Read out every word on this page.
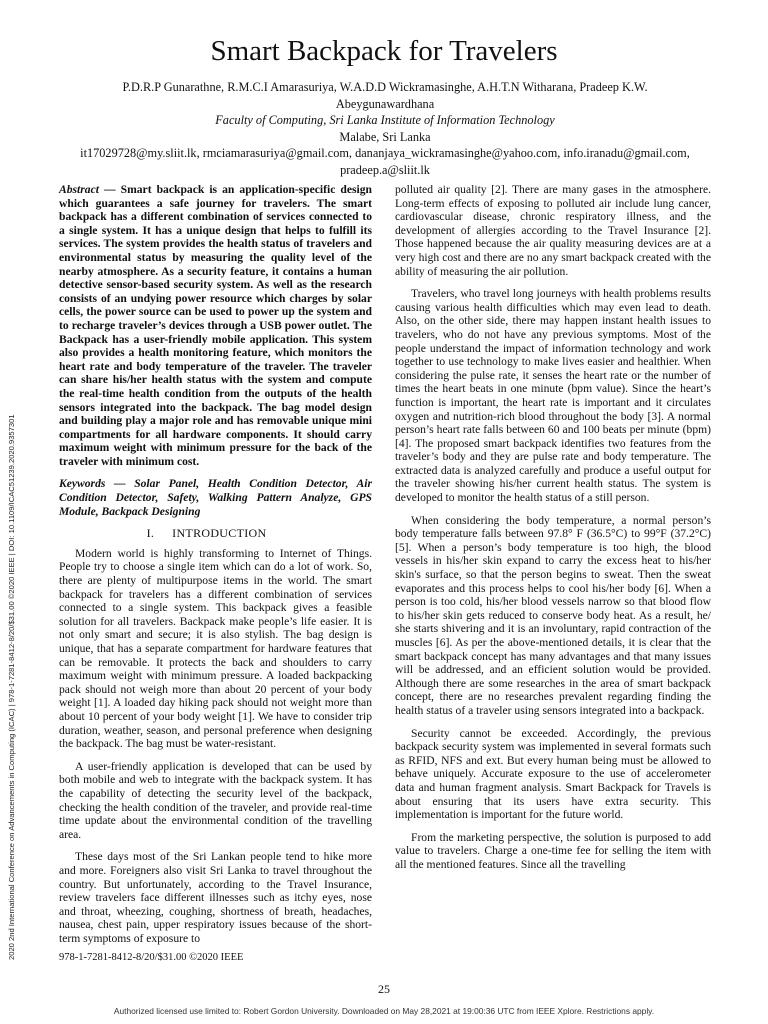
Smart Backpack for Travelers
P.D.R.P Gunarathne, R.M.C.I Amarasuriya, W.A.D.D Wickramasinghe, A.H.T.N Witharana, Pradeep K.W.
Abeygunawardhana
Faculty of Computing, Sri Lanka Institute of Information Technology
Malabe, Sri Lanka
it17029728@my.sliit.lk, rmciamarasuriya@gmail.com, dananjaya_wickramasinghe@yahoo.com, info.iranadu@gmail.com,
pradeep.a@sliit.lk
2020 2nd International Conference on Advancements in Computing (ICAC) | 978-1-7281-8412-8/20/$31.00 ©2020 IEEE | DOI: 10.1109/ICAC51239.2020.9357301

Abstract — Smart backpack is an application-specific design which guarantees a safe journey for travelers. The smart backpack has a different combination of services connected to a single system. It has a unique design that helps to fulfill its services. The system provides the health status of travelers and environmental status by measuring the quality level of the nearby atmosphere. As a security feature, it contains a human detective sensor-based security system. As well as the research consists of an undying power resource which charges by solar cells, the power source can be used to power up the system and to recharge traveler’s devices through a USB power outlet. The Backpack has a user-friendly mobile application. This system also provides a health monitoring feature, which monitors the heart rate and body temperature of the traveler. The traveler can share his/her health status with the system and compute the real-time health condition from the outputs of the health sensors integrated into the backpack. The bag model design and building play a major role and has removable unique mini compartments for all hardware components. It should carry maximum weight with minimum pressure for the back of the traveler with minimum cost.

Keywords — Solar Panel, Health Condition Detector, Air Condition Detector, Safety, Walking Pattern Analyze, GPS Module, Backpack Designing

I. INTRODUCTION

Modern world is highly transforming to Internet of Things. People try to choose a single item which can do a lot of work. So, there are plenty of multipurpose items in the world. The smart backpack for travelers has a different combination of services connected to a single system. This backpack gives a feasible solution for all travelers. Backpack make people’s life easier. It is not only smart and secure; it is also stylish. The bag design is unique, that has a separate compartment for hardware features that can be removable. It protects the back and shoulders to carry maximum weight with minimum pressure. A loaded backpacking pack should not weigh more than about 20 percent of your body weight [1]. A loaded day hiking pack should not weight more than about 10 percent of your body weight [1]. We have to consider trip duration, weather, season, and personal preference when designing the backpack. The bag must be water-resistant.

A user-friendly application is developed that can be used by both mobile and web to integrate with the backpack system. It has the capability of detecting the security level of the backpack, checking the health condition of the traveler, and provide real-time time update about the environmental condition of the travelling area.

These days most of the Sri Lankan people tend to hike more and more. Foreigners also visit Sri Lanka to travel throughout the country. But unfortunately, according to the Travel Insurance, review travelers face different illnesses such as itchy eyes, nose and throat, wheezing, coughing, shortness of breath, headaches, nausea, chest pain, upper respiratory issues because of the short-term symptoms of exposure to

polluted air quality [2]. There are many gases in the atmosphere. Long-term effects of exposing to polluted air include lung cancer, cardiovascular disease, chronic respiratory illness, and the development of allergies according to the Travel Insurance [2]. Those happened because the air quality measuring devices are at a very high cost and there are no any smart backpack created with the ability of measuring the air pollution.

Travelers, who travel long journeys with health problems results causing various health difficulties which may even lead to death. Also, on the other side, there may happen instant health issues to travelers, who do not have any previous symptoms. Most of the people understand the impact of information technology and work together to use technology to make lives easier and healthier. When considering the pulse rate, it senses the heart rate or the number of times the heart beats in one minute (bpm value). Since the heart’s function is important, the heart rate is important and it circulates oxygen and nutrition-rich blood throughout the body [3]. A normal person’s heart rate falls between 60 and 100 beats per minute (bpm) [4]. The proposed smart backpack identifies two features from the traveler’s body and they are pulse rate and body temperature. The extracted data is analyzed carefully and produce a useful output for the traveler showing his/her current health status. The system is developed to monitor the health status of a still person.

When considering the body temperature, a normal person’s body temperature falls between 97.8° F (36.5°C) to 99°F (37.2°C) [5]. When a person’s body temperature is too high, the blood vessels in his/her skin expand to carry the excess heat to his/her skin's surface, so that the person begins to sweat. Then the sweat evaporates and this process helps to cool his/her body [6]. When a person is too cold, his/her blood vessels narrow so that blood flow to his/her skin gets reduced to conserve body heat. As a result, he/ she starts shivering and it is an involuntary, rapid contraction of the muscles [6]. As per the above-mentioned details, it is clear that the smart backpack concept has many advantages and that many issues will be addressed, and an efficient solution would be provided. Although there are some researches in the area of smart backpack concept, there are no researches prevalent regarding finding the health status of a traveler using sensors integrated into a backpack.

Security cannot be exceeded. Accordingly, the previous backpack security system was implemented in several formats such as RFID, NFS and ext. But every human being must be allowed to behave uniquely. Accurate exposure to the use of accelerometer data and human fragment analysis. Smart Backpack for Travels is about ensuring that its users have extra security. This implementation is important for the future world.

From the marketing perspective, the solution is purposed to add value to travelers. Charge a one-time fee for selling the item with all the mentioned features. Since all the travelling

978-1-7281-8412-8/20/$31.00 ©2020 IEEE
25
Authorized licensed use limited to: Robert Gordon University. Downloaded on May 28,2021 at 19:00:36 UTC from IEEE Xplore. Restrictions apply.
